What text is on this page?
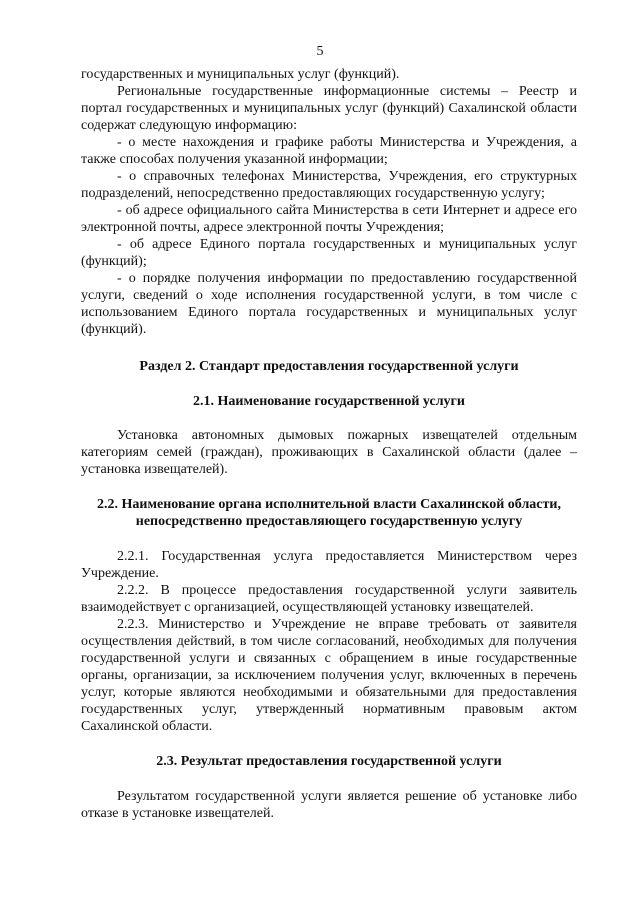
5

государственных и муниципальных услуг (функций).

Региональные государственные информационные системы – Реестр и портал государственных и муниципальных услуг (функций) Сахалинской области содержат следующую информацию:

- о месте нахождения и графике работы Министерства и Учреждения, а также способах получения указанной информации;

- о справочных телефонах Министерства, Учреждения, его структурных подразделений, непосредственно предоставляющих государственную услугу;

- об адресе официального сайта Министерства в сети Интернет и адресе его электронной почты, адресе электронной почты Учреждения;

- об адресе Единого портала государственных и муниципальных услуг (функций);

- о порядке получения информации по предоставлению государственной услуги, сведений о ходе исполнения государственной услуги, в том числе с использованием Единого портала государственных и муниципальных услуг (функций).

Раздел 2. Стандарт предоставления государственной услуги

2.1. Наименование государственной услуги

Установка автономных дымовых пожарных извещателей отдельным категориям семей (граждан), проживающих в Сахалинской области (далее – установка извещателей).

2.2. Наименование органа исполнительной власти Сахалинской области, непосредственно предоставляющего государственную услугу

2.2.1. Государственная услуга предоставляется Министерством через Учреждение.

2.2.2. В процессе предоставления государственной услуги заявитель взаимодействует с организацией, осуществляющей установку извещателей.

2.2.3. Министерство и Учреждение не вправе требовать от заявителя осуществления действий, в том числе согласований, необходимых для получения государственной услуги и связанных с обращением в иные государственные органы, организации, за исключением получения услуг, включенных в перечень услуг, которые являются необходимыми и обязательными для предоставления государственных услуг, утвержденный нормативным правовым актом Сахалинской области.

2.3. Результат предоставления государственной услуги

Результатом государственной услуги является решение об установке либо отказе в установке извещателей.
